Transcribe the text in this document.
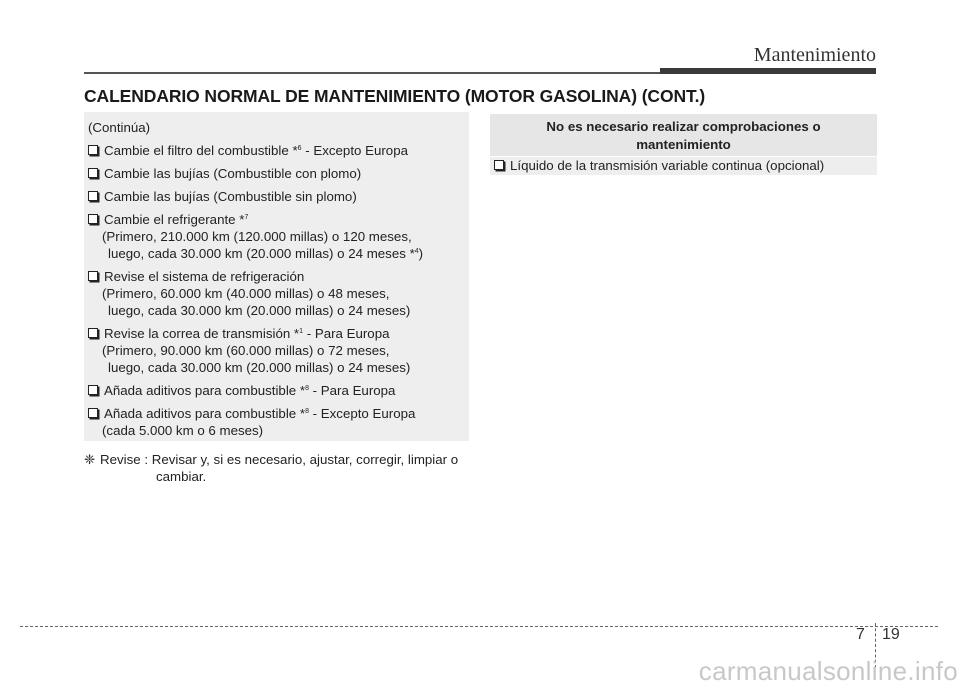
Mantenimiento
CALENDARIO NORMAL DE MANTENIMIENTO (MOTOR GASOLINA) (CONT.)
(Continúa)
Cambie el filtro del combustible *$^6$ - Excepto Europa
Cambie las bujías (Combustible con plomo)
Cambie las bujías (Combustible sin plomo)
Cambie el refrigerante *$^7$
(Primero, 210.000 km (120.000 millas) o 120 meses,
luego, cada 30.000 km (20.000 millas) o 24 meses *$^4$)
Revise el sistema de refrigeración
(Primero, 60.000 km (40.000 millas) o 48 meses,
luego, cada 30.000 km (20.000 millas) o 24 meses)
Revise la correa de transmisión *$^1$ - Para Europa
(Primero, 90.000 km (60.000 millas) o 72 meses,
luego, cada 30.000 km (20.000 millas) o 24 meses)
Añada aditivos para combustible *$^8$ - Para Europa
Añada aditivos para combustible *$^8$ - Excepto Europa
(cada 5.000 km o 6 meses)
❈ Revise : Revisar y, si es necesario, ajustar, corregir, limpiar o
cambiar.
No es necesario realizar comprobaciones o
mantenimiento
Líquido de la transmisión variable continua (opcional)
7 19
carmanualsonline.info
